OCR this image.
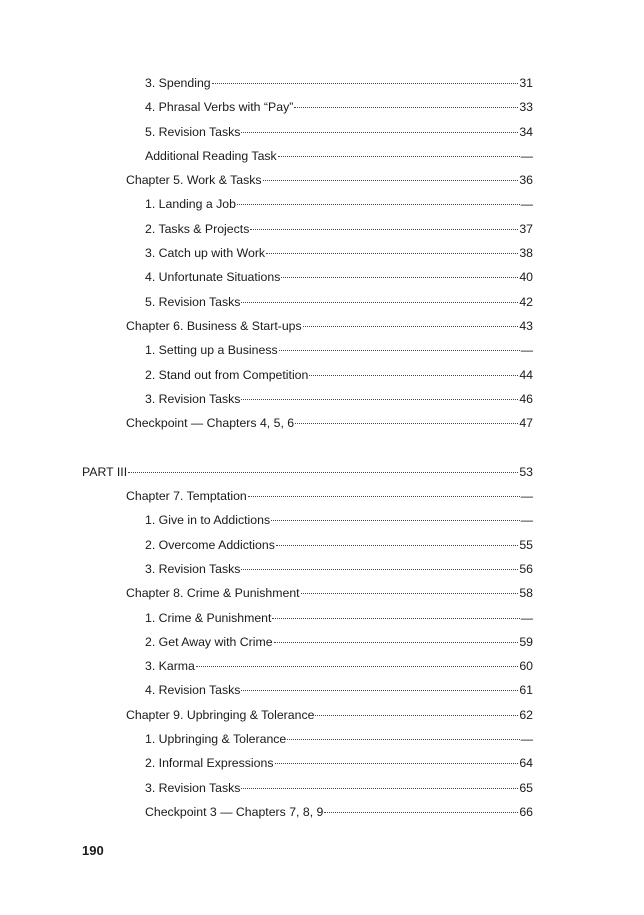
3. Spending	31
4. Phrasal Verbs with “Pay”	33
5. Revision Tasks	34
Additional Reading Task	—
Chapter 5. Work & Tasks	36
1. Landing a Job	—
2. Tasks & Projects	37
3. Catch up with Work	38
4. Unfortunate Situations	40
5. Revision Tasks	42
Chapter 6. Business & Start-ups	43
1. Setting up a Business	—
2. Stand out from Competition	44
3. Revision Tasks	46
Checkpoint — Chapters 4, 5, 6	47
PART III	53
Chapter 7. Temptation	—
1. Give in to Addictions	—
2. Overcome Addictions	55
3. Revision Tasks	56
Chapter 8. Crime & Punishment	58
1. Crime & Punishment	—
2. Get Away with Crime	59
3. Karma	60
4. Revision Tasks	61
Chapter 9. Upbringing & Tolerance	62
1. Upbringing & Tolerance	—
2. Informal Expressions	64
3. Revision Tasks	65
Checkpoint 3 — Chapters 7, 8, 9	66
190
